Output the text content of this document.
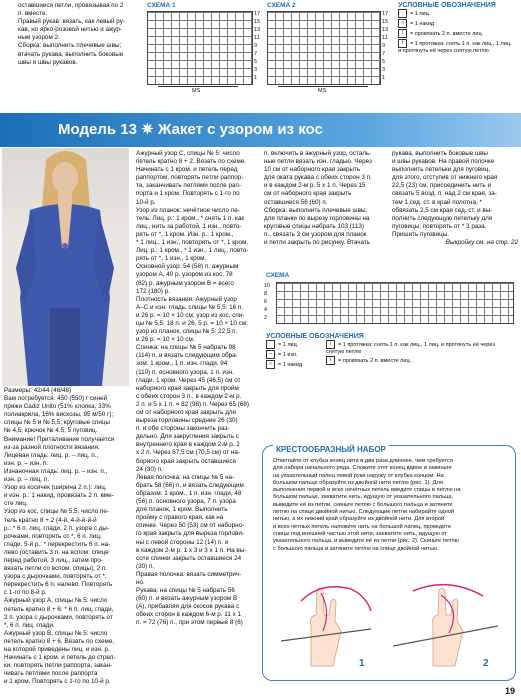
оставшиеся петли, провязывая по 2

п. вместе.

Правый рукав: вязать, как левый ру-

кав, но ярко-розовой нитью и ажур-

ным узором 2.

Сборка: выполнить плечевые швы;

втачать рукава, выполнить боковые

швы и швы рукавов.

СХЕМА 1
17
15
13
11
9
7
5
3
1
MS
СХЕМА 2
17
15
13
11
9
7
5
3
1
MS
УСЛОВНЫЕ ОБОЗНАЧЕНИЯ
= 1 лиц.
○ = 1 накид
/ = провязать 2 п. вместе лиц.
\ = 1 протяжка: снять 1 п. как лиц., 1 лиц. и протянуть её через снятую петлю
Модель 13 ✷ Жакет с узором из кос

Размеры: 42/44 (46/48)

Вам потребуется: 450 (550) г синей

пряжи Cadiz Unito (51% хлопка, 33%

полиакрила, 16% вискозы, 95 м/50 г);

спицы № 5 и № 5,5; круговые спицы

№ 4,5; крючок № 4,5; 5 пуговиц.

Внимание! Приталивание получается

из-за разной плотности вязания.

Лицевая гладь: лиц. р. – лиц. п.,

изн. р. – изн. п.

Изнаночная гладь: лиц. р. – изн. п.,

изн. р. – лиц. п.

Узор из косичек (ширина 2 п.): лиц.

и изн. р.: 1 накид, провязать 2 п. вме-

сте лиц.

Узор из кос, спицы № 5,5: число пе-

тель кратно 8 + 2 (4-й, 4-й-й-й-й

р.: * 6 п. лиц. глади, 2 п. узора с ды-

рочками, повторять от *, 6 п. лиц.

глади. 5-й р.: * перекрестить 6 п. на-

лево (оставить 3 п. на вспом. спице

перед работой, 3 лиц., затем про-

вязать петли со вспом. спицы), 2 п.

узора с дырочками, повторять от *,

перекрестить 6 п. налево. Повторять

с 1-го по 8-й р.

Ажурный узор А, спицы № 5: число

петель кратно 8 + 6: * 6 п. лиц. глади,

2 п. узора с дырочками, повторять от

*, 6 п. лиц. глади.

Ажурный узор В, спицы № 5: число

петель кратно 8 + 6. Вязать по схеме,

на которой приведены лиц. и изн. р.

Начинать с 1 кром. и петель до стрел-

ки, повторять петли раппорта, закан-

чивать петлями после раппорта

и 1 кром. Повторять с 1-го по 10-й р.

Ажурный узор С, спицы № 5: число

петель кратно 8 + 2. Вязать по схеме.

Начинать с 1 кром. и петель перед

раппортом, повторять петли раппор-

та, заканчивать петлями после рап-

порта и 1 кром. Повторять с 1-го по

10-й р.

Узор из планок: нечётное число пе-

тель. Лиц. р.: 1 кром., * снять 1 п. как

лиц., нить за работой, 1 изн., повто-

рять от *, 1 кром. Изн. р.: 1 кром.,

* 1 лиц., 1 изн., повторять от *, 1 кром.

Лиц. р.: 1 кром., * 1 изн., 1 лиц., повто-

рять от *, 1 изн., 1 кром.

Основной узор: 54 (58) п. ажурным

узором А, 40 р. узором из кос, 78

(82) р. ажурным узором В = всего

172 (180) р.

Плотность вязания. Ажурный узор

А–С и изн. гладь, спицы № 5,5: 16 п.

и 26 р. = 10 × 10 см; узор из кос, спи-

цы № 5,5: 18 п. и 26, 5 р. = 10 × 10 см;

узор из планок, спицы № 5: 22,5 п.

и 26 р. = 10 × 10 см.

Спинка: на спицы № 5 набрать 98

(114) п. и вязать следующим обра-

зом: 1 кром., 1 п. изн. глади, 94

(110) п. основного узора, 1 п. изн.

глади, 1 кром. Через 45 (46,5) см от

наборного края закрыть для пройм

с обеих сторон 3 п., в каждом 2-м р.

2 п. и 5 х 1 п. = 82 (98) п. Через 65 (68)

см от наборного края закрыть для

выреза горловины средние 26 (30)

п. и обе стороны закончить раз-

дельно. Для закругления закрыть с

внутреннего края в каждом 2-м р. 2

х 2 п. Через 67,5 см (70,5 см) от на-

борного края закрыть оставшиеся

24 (30) п.

Левая полочка: на спицы № 5 на-

брать 58 (66) п. и вязать следующим

образом: 1 кром., 1 п. изн. глади, 48

(56) п. основного узора, 7 п. узора

для планок, 1 кром. Выполнить

пройму с правого края, как на

спинке. Через 50 (53) см от наборно-

го края закрыть для выреза горлови-

ны с левой стороны 12 (14) п. и

в каждом 2-м р. 1 х 3 и 3 х 1 п. На вы-

сотe спинки закрыть оставшиеся 24

(30) п.

Правая полочка: вязать симметрич-

но.

Рукава: на спицы № 5 набрать 56

(60) п. и вязать ажурным узором В

(А), прибавляя для скосов рукава с

обеих сторон в каждом 6-м р. 11 х 1

п. = 72 (76) п., при этом первые 8 (6)

п. включить в ажурный узор, осталь-

ные петли вязать изн. гладью. Через

10 см от наборного края закрыть

для оката рукава с обеих сторон 3 п.

и в каждом 2-м р. 5 х 1 п. Через 15

см от наборного края закрыть

оставшиеся 56 (60) п.

Сборка: выполнить плечевые швы;

для планки по вырезу горловины на

круговые спицы набрать 103 (113)

п., связать 3 см узором для планок

и петли закрыть по рисунку. Втачать

рукава, выполнить боковые швы

и швы рукавов. На правой полочке

выполнить петельки для пуговиц,

для этого, отступив от нижнего края

22,5 (23) см, присоединить нить и

связать 5 возд. п. над 2 см края, за-

тем 1 сед. ст. в край полотна, *

обвязать 2,5 см края сед. ст. и вы-

полнить следующую петельку для

пуговицы, повторять от * 3 раза.

Пришить пуговицы.

Выкройку см. на стр. 22

СХЕМА
10
8
6
4
2
УСЛОВНЫЕ ОБОЗНАЧЕНИЯ
= 1 лиц.
– = 1 изн.
○ = 1 накид
\ = 1 протяжка: снять 1 п. как лиц., 1 лиц. и протянуть её через снятую петлю
/ = провязать 2 п. вместе лиц.
КРЕСТООБРАЗНЫЙ НАБОР
Отмотайте от клубка конец нити в два раза длиннее, чем требуется
для набора начального ряда. Сложите этот конец вдвое и накиньте
на указательный палец левой руки наружу от клубка концом. На
большом пальце образуйте из двойной нити петлю (рис. 1). Для
выполнения первой и всех нечётных петель введите спицы в петлю на
большом пальце, захватите нить, идущую от указательного пальца,
выведите её из петли, скиньте петлю с большого пальца и затяните
петлю на спице двойной нитью. Следующие петли набирайте одной
нитью, а их нижний край образуйте из двойной нити. Для второй
и всех чётных петель наложите нить на большой палец, проведите
спицы под внешней частью этой нити, захватите нить, идущую от
указательного пальца, и выведите её из петли (рис. 2). Скиньте петлю
с большого пальца и затяните петлю на спице двойной нитью.
1	2
19
